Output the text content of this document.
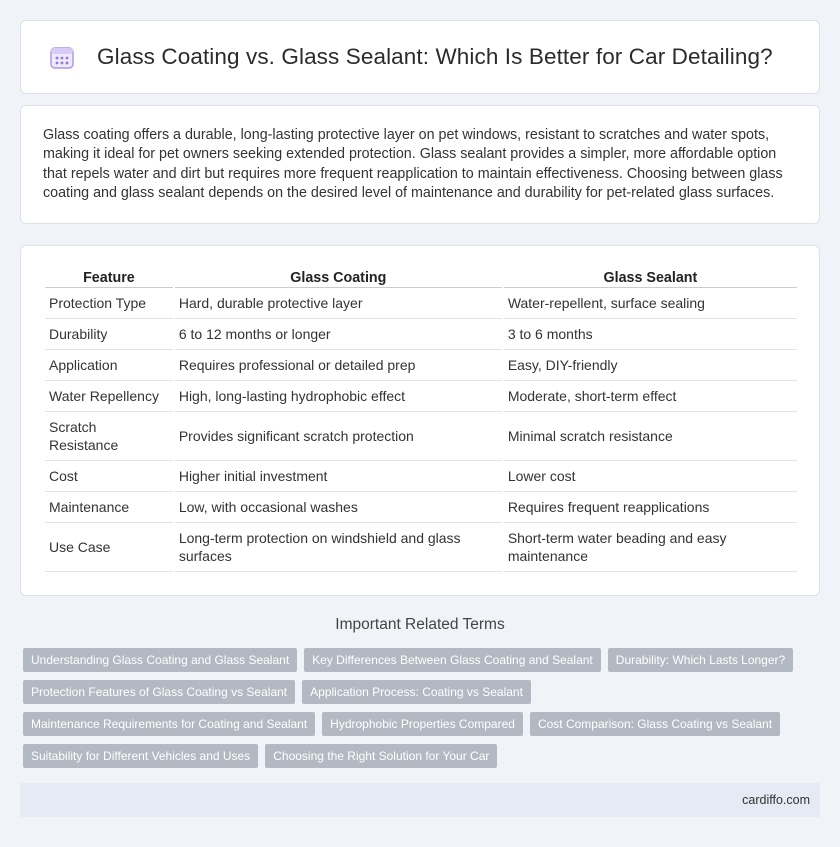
Glass Coating vs. Glass Sealant: Which Is Better for Car Detailing?

Glass coating offers a durable, long-lasting protective layer on pet windows, resistant to scratches and water spots, making it ideal for pet owners seeking extended protection. Glass sealant provides a simpler, more affordable option that repels water and dirt but requires more frequent reapplication to maintain effectiveness. Choosing between glass coating and glass sealant depends on the desired level of maintenance and durability for pet-related glass surfaces.

Feature	Glass Coating	Glass Sealant
Protection Type	Hard, durable protective layer	Water-repellent, surface sealing
Durability	6 to 12 months or longer	3 to 6 months
Application	Requires professional or detailed prep	Easy, DIY-friendly
Water Repellency	High, long-lasting hydrophobic effect	Moderate, short-term effect
Scratch Resistance	Provides significant scratch protection	Minimal scratch resistance
Cost	Higher initial investment	Lower cost
Maintenance	Low, with occasional washes	Requires frequent reapplications
Use Case	Long-term protection on windshield and glass surfaces	Short-term water beading and easy maintenance
Important Related Terms
Understanding Glass Coating and Glass Sealant	Key Differences Between Glass Coating and Sealant	Durability: Which Lasts Longer?
Protection Features of Glass Coating vs Sealant	Application Process: Coating vs Sealant
Maintenance Requirements for Coating and Sealant	Hydrophobic Properties Compared	Cost Comparison: Glass Coating vs Sealant
Suitability for Different Vehicles and Uses	Choosing the Right Solution for Your Car
cardiffo.com
